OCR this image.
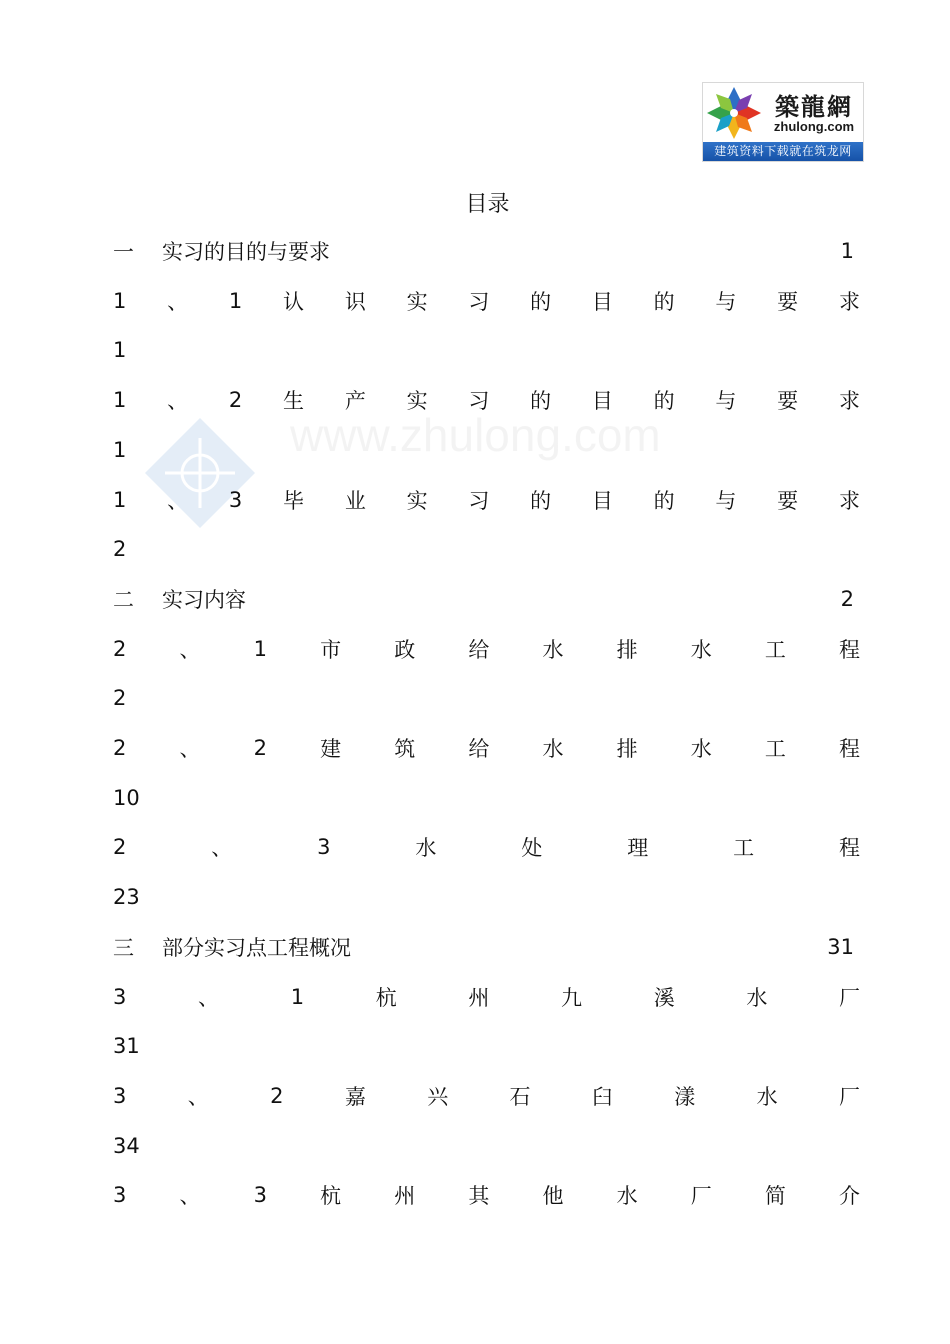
築龍網
zhulong.com
建筑资料下载就在筑龙网
目录
一	实习的目的与要求	1
1 、 1 认 识 实 习 的 目 的 与 要 求
1
1 、 2 生 产 实 习 的 目 的 与 要 求
1
1 、 3 毕 业 实 习 的 目 的 与 要 求
2
二	实习内容	2
2	、	1	市	政	给	水	排	水	工	程
2
2	、	2	建	筑	给	水	排	水	工	程
10
2	、	3	水	处	理	工	程
23
三	部分实习点工程概况	31
3	、	1	杭	州	九	溪	水	厂
31
3	、	2	嘉	兴	石	臼	漾	水	厂
34
3	、	3	杭	州	其	他	水	厂	简	介
